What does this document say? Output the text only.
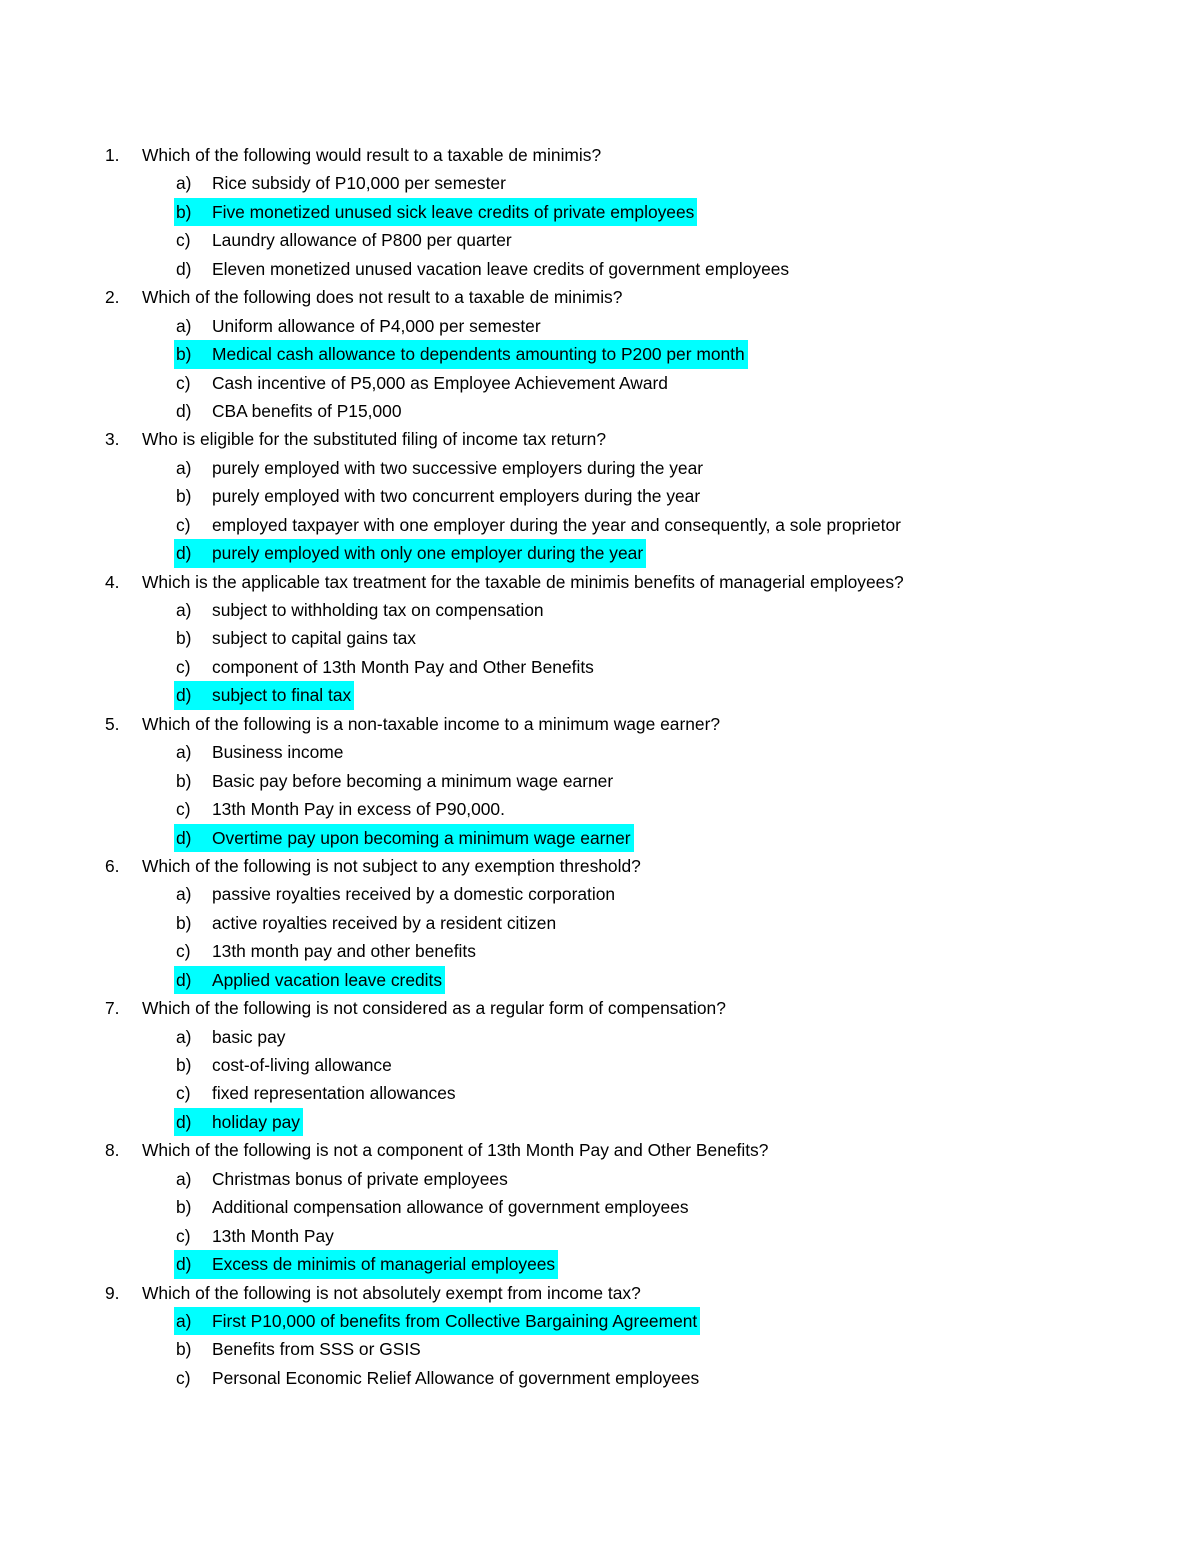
1. Which of the following would result to a taxable de minimis?
a) Rice subsidy of P10,000 per semester
b) Five monetized unused sick leave credits of private employees
c) Laundry allowance of P800 per quarter
d) Eleven monetized unused vacation leave credits of government employees
2. Which of the following does not result to a taxable de minimis?
a) Uniform allowance of P4,000 per semester
b) Medical cash allowance to dependents amounting to P200 per month
c) Cash incentive of P5,000 as Employee Achievement Award
d) CBA benefits of P15,000
3. Who is eligible for the substituted filing of income tax return?
a) purely employed with two successive employers during the year
b) purely employed with two concurrent employers during the year
c) employed taxpayer with one employer during the year and consequently, a sole proprietor
d) purely employed with only one employer during the year
4. Which is the applicable tax treatment for the taxable de minimis benefits of managerial employees?
a) subject to withholding tax on compensation
b) subject to capital gains tax
c) component of 13th Month Pay and Other Benefits
d) subject to final tax
5. Which of the following is a non-taxable income to a minimum wage earner?
a) Business income
b) Basic pay before becoming a minimum wage earner
c) 13th Month Pay in excess of P90,000.
d) Overtime pay upon becoming a minimum wage earner
6. Which of the following is not subject to any exemption threshold?
a) passive royalties received by a domestic corporation
b) active royalties received by a resident citizen
c) 13th month pay and other benefits
d) Applied vacation leave credits
7. Which of the following is not considered as a regular form of compensation?
a) basic pay
b) cost-of-living allowance
c) fixed representation allowances
d) holiday pay
8. Which of the following is not a component of 13th Month Pay and Other Benefits?
a) Christmas bonus of private employees
b) Additional compensation allowance of government employees
c) 13th Month Pay
d) Excess de minimis of managerial employees
9. Which of the following is not absolutely exempt from income tax?
a) First P10,000 of benefits from Collective Bargaining Agreement
b) Benefits from SSS or GSIS
c) Personal Economic Relief Allowance of government employees
